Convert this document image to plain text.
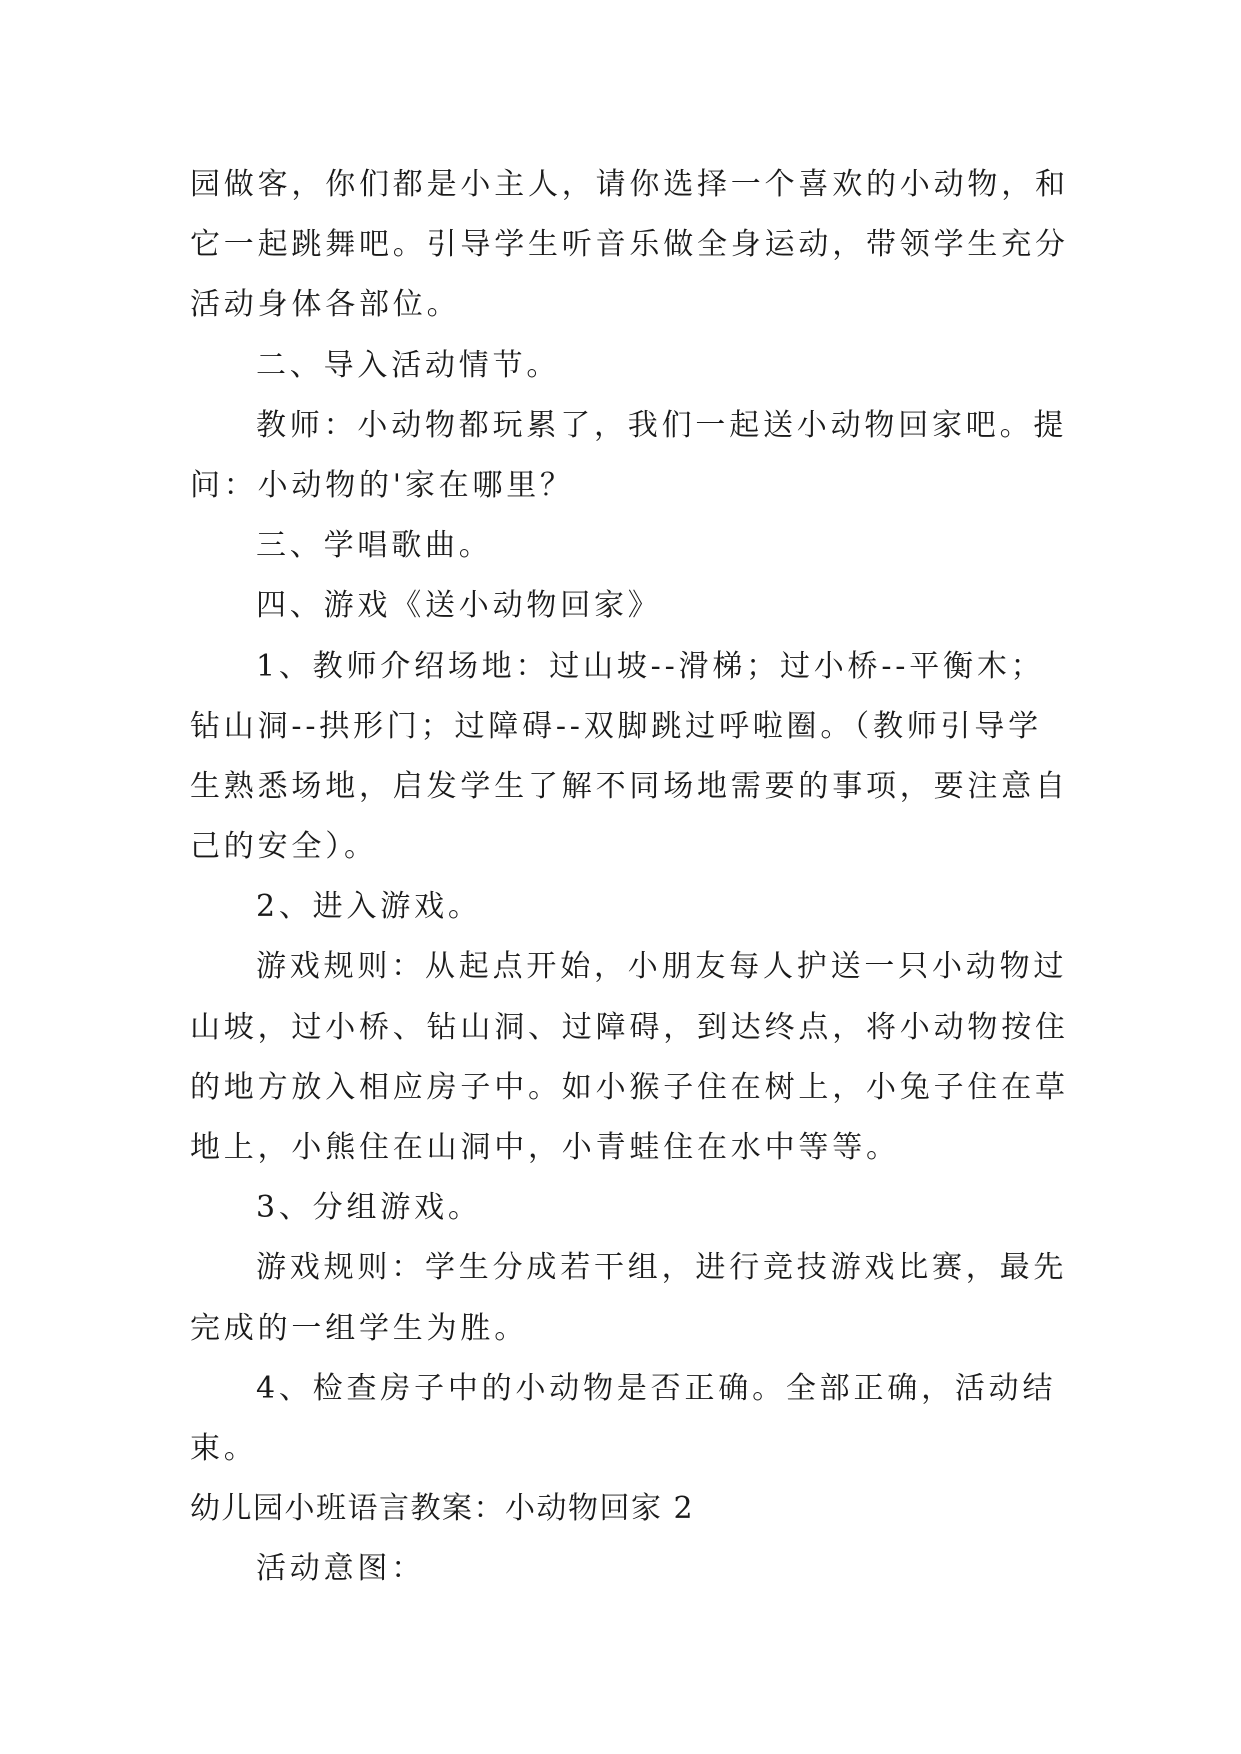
园做客，你们都是小主人，请你选择一个喜欢的小动物，和
它一起跳舞吧。引导学生听音乐做全身运动，带领学生充分
活动身体各部位。
二、导入活动情节。
教师：小动物都玩累了，我们一起送小动物回家吧。提
问：小动物的'家在哪里？
三、学唱歌曲。
四、游戏《送小动物回家》
1、教师介绍场地：过山坡--滑梯；过小桥--平衡木；
钻山洞--拱形门；过障碍--双脚跳过呼啦圈。（教师引导学
生熟悉场地，启发学生了解不同场地需要的事项，要注意自
己的安全）。
2、进入游戏。
游戏规则：从起点开始，小朋友每人护送一只小动物过
山坡，过小桥、钻山洞、过障碍，到达终点，将小动物按住
的地方放入相应房子中。如小猴子住在树上，小兔子住在草
地上，小熊住在山洞中，小青蛙住在水中等等。
3、分组游戏。
游戏规则：学生分成若干组，进行竞技游戏比赛，最先
完成的一组学生为胜。
4、检查房子中的小动物是否正确。全部正确，活动结
束。
幼儿园小班语言教案：小动物回家 2
活动意图：
